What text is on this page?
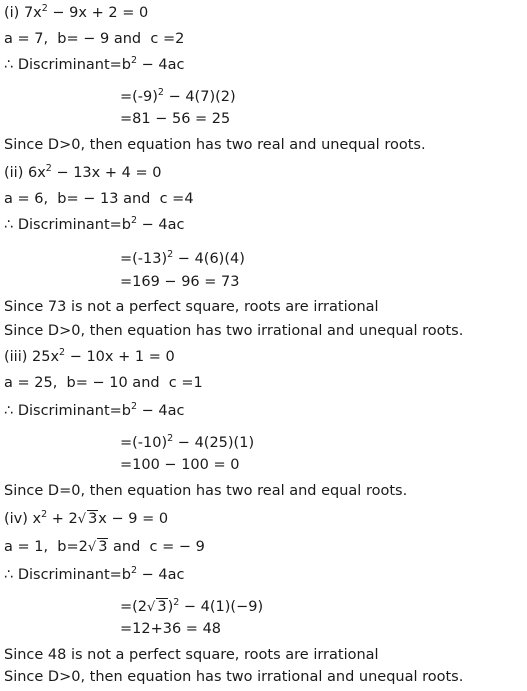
(i) $7x^2 - 9x + 2 = 0$
a = 7,  b= − 9 and  c =2
∴ $Discriminant=b^2 - 4ac$
$=(-9)^2 - 4(7)(2)$
=81 − 56 = 25
Since D>0, then equation has two real and unequal roots.
(ii) $6x^2 - 13x + 4 = 0$
a = 6,  b= − 13 and  c =4
∴ $Discriminant=b^2 - 4ac$
$=(-13)^2 - 4(6)(4)$
=169 − 96 = 73
Since 73 is not a perfect square, roots are irrational
Since D>0, then equation has two irrational and unequal roots.
(iii) $25x^2 - 10x + 1 = 0$
a = 25,  b= − 10 and  c =1
∴ $Discriminant=b^2 - 4ac$
$=(-10)^2 - 4(25)(1)$
=100 − 100 = 0
Since D=0, then equation has two real and equal roots.
(iv) $x^2 + 2√$ 3x − 9 = 0
a = 1,  b=2√ 3 and  c = − 9
∴ $Discriminant=b^2 - 4ac$
=(2√ 3)$^2$ − 4(1)(−9)
=12+36 = 48
Since 48 is not a perfect square, roots are irrational
Since D>0, then equation has two irrational and unequal roots.
